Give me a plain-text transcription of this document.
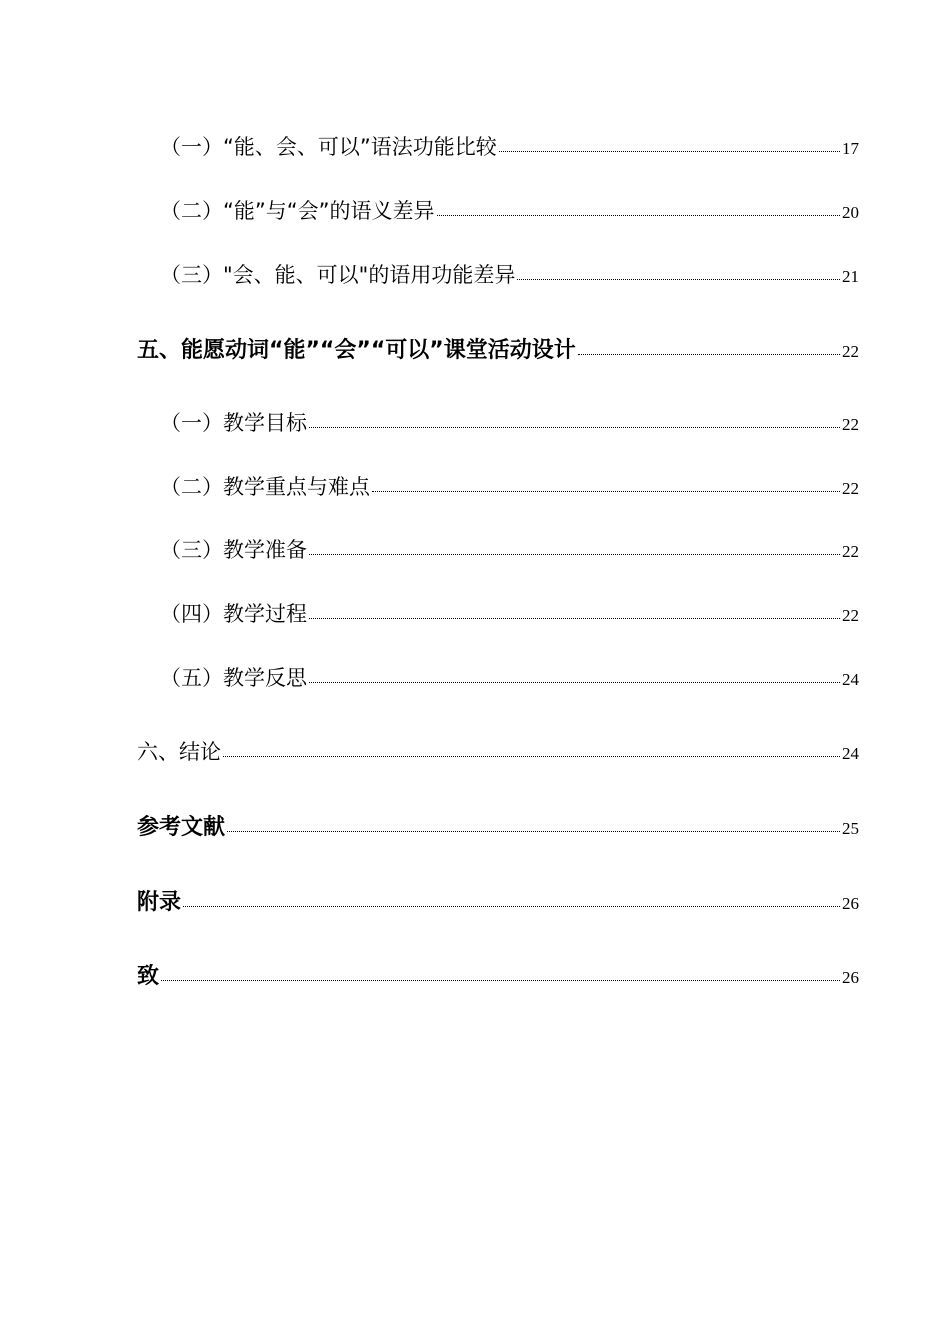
（一）“能、会、可以”语法功能比较	17
（二）“能”与“会”的语义差异	20
（三）"会、能、可以"的语用功能差异	21
五、能愿动词“能”“会”“可以”课堂活动设计	22
（一）教学目标	22
（二）教学重点与难点	22
（三）教学准备	22
（四）教学过程	22
（五）教学反思	24
六、结论	24
参考文献	25
附录	26
致	26
